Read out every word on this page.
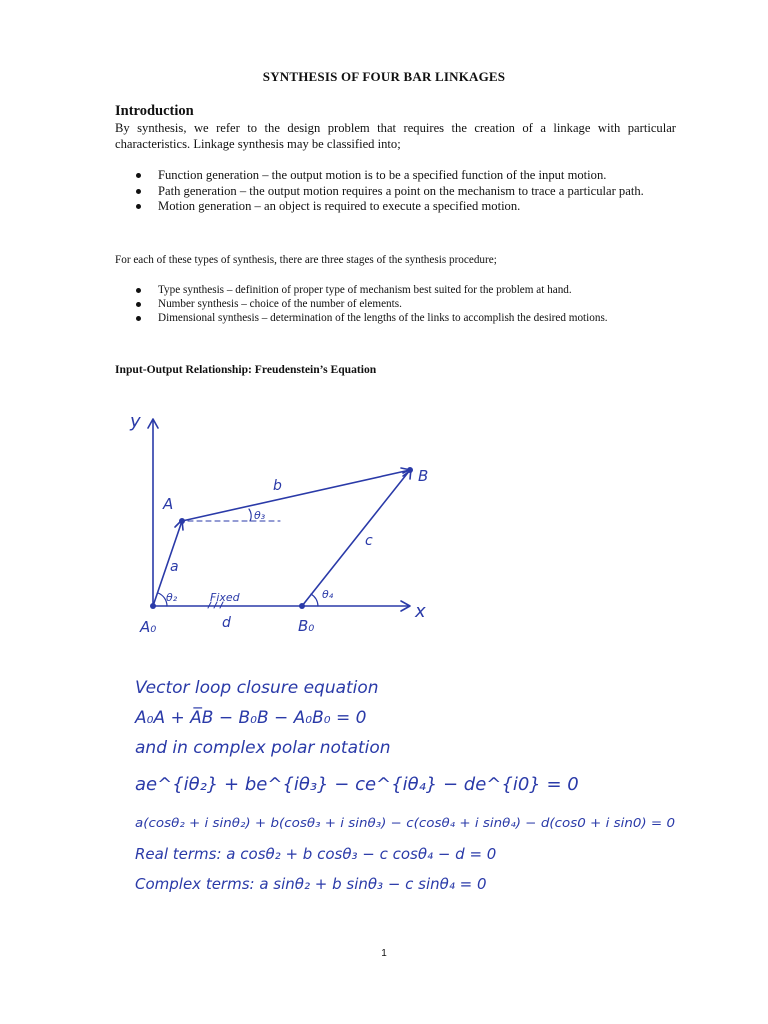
SYNTHESIS OF FOUR BAR LINKAGES
Introduction
By synthesis, we refer to the design problem that requires the creation of a linkage with particular characteristics. Linkage synthesis may be classified into;
Function generation – the output motion is to be a specified function of the input motion.
Path generation – the output motion requires a point on the mechanism to trace a particular path.
Motion generation – an object is required to execute a specified motion.
For each of these types of synthesis, there are three stages of the synthesis procedure;
Type synthesis – definition of proper type of mechanism best suited for the problem at hand.
Number synthesis – choice of the number of elements.
Dimensional synthesis – determination of the lengths of the links to accomplish the desired motions.
Input-Output Relationship: Freudenstein’s Equation
y
x
A
B
A₀	B₀
a
b
c
d
Fixed
θ₂
θ₃
θ₄
Vector loop closure equation
A₀A + A̅B − B₀B − A₀B₀ = 0
and in complex polar notation
ae^{iθ₂} + be^{iθ₃} − ce^{iθ₄} − de^{i0} = 0
a(cosθ₂ + i sinθ₂) + b(cosθ₃ + i sinθ₃) − c(cosθ₄ + i sinθ₄) − d(cos0 + i sin0) = 0
Real terms: a cosθ₂ + b cosθ₃ − c cosθ₄ − d = 0
Complex terms: a sinθ₂ + b sinθ₃ − c sinθ₄ = 0
1
